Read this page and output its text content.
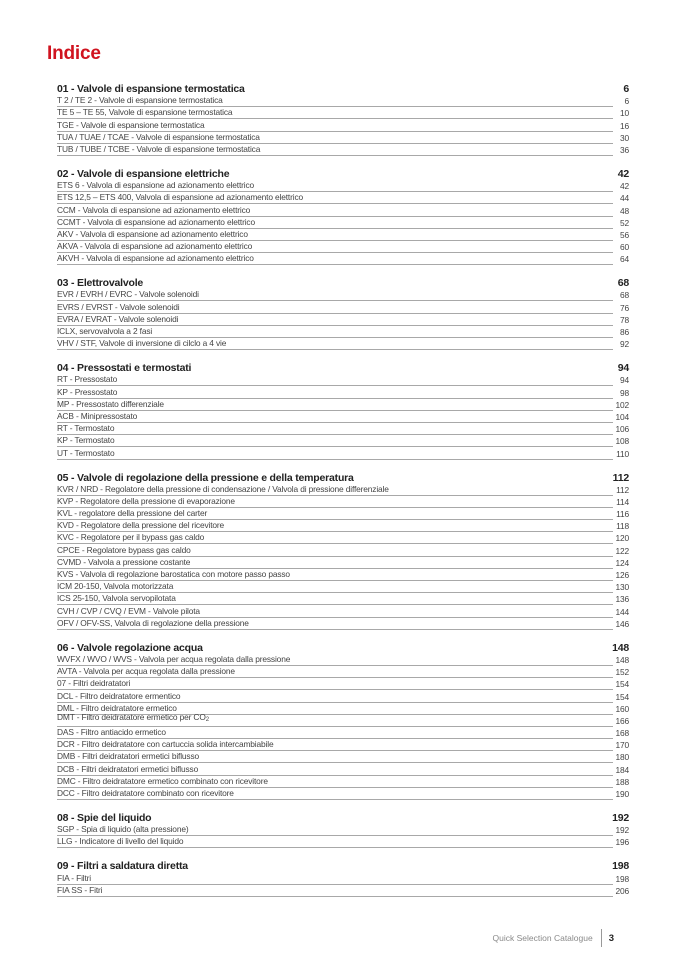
Indice
01 - Valvole di espansione termostatica	6
T 2 / TE 2 - Valvole di espansione termostatica	6
TE 5 – TE 55, Valvole di espansione termostatica	10
TGE - Valvole di espansione termostatica	16
TUA / TUAE / TCAE - Valvole di espansione termostatica	30
TUB / TUBE / TCBE - Valvole di espansione termostatica	36
02 - Valvole di espansione elettriche	42
ETS 6 - Valvola di espansione ad azionamento elettrico	42
ETS 12,5 – ETS 400, Valvola di espansione ad azionamento elettrico	44
CCM - Valvola di espansione ad azionamento elettrico	48
CCMT - Valvola di espansione ad azionamento elettrico	52
AKV - Valvola di espansione ad azionamento elettrico	56
AKVA - Valvola di espansione ad azionamento elettrico	60
AKVH - Valvola di espansione ad azionamento elettrico	64
03 - Elettrovalvole	68
EVR / EVRH / EVRC - Valvole solenoidi	68
EVRS / EVRST - Valvole solenoidi	76
EVRA / EVRAT - Valvole solenoidi	78
ICLX, servovalvola a 2 fasi	86
VHV / STF, Valvole di inversione di cilclo a 4 vie	92
04 - Pressostati e termostati	94
RT - Pressostato	94
KP - Pressostato	98
MP - Pressostato differenziale	102
ACB - Minipressostato	104
RT - Termostato	106
KP - Termostato	108
UT - Termostato	110
05 - Valvole di regolazione della pressione e della temperatura	112
KVR / NRD - Regolatore della pressione di condensazione / Valvola di pressione differenziale	112
KVP - Regolatore della pressione di evaporazione	114
KVL - regolatore della pressione del carter	116
KVD - Regolatore della pressione del ricevitore	118
KVC - Regolatore per il bypass gas caldo	120
CPCE - Regolatore bypass gas caldo	122
CVMD - Valvola a pressione costante	124
KVS - Valvola di regolazione barostatica con motore passo passo	126
ICM 20-150, Valvola motorizzata	130
ICS 25-150, Valvola servopilotata	136
CVH / CVP / CVQ / EVM - Valvole pilota	144
OFV / OFV-SS, Valvola di regolazione della pressione	146
06 - Valvole regolazione acqua	148
WVFX / WVO / WVS - Valvola per acqua regolata dalla pressione	148
AVTA - Valvola per acqua regolata dalla pressione	152
07 - Filtri deidratatori	154
DCL - Filtro deidratatore ermentico	154
DML - Filtro deidratatore ermetico	160
DMT - Filtro deidratatore ermetico per CO2	166
DAS - Filtro antiacido ermetico	168
DCR - Filtro deidratatore con cartuccia solida intercambiabile	170
DMB - Filtri deidratatori ermetici biflusso	180
DCB - Filtri deidratatori ermetici biflusso	184
DMC - Filtro deidratatore ermetico combinato con ricevitore	188
DCC - Filtro deidratatore combinato con ricevitore	190
08 - Spie del liquido	192
SGP - Spia di liquido (alta pressione)	192
LLG - Indicatore di livello del liquido	196
09 - Filtri a saldatura diretta	198
FIA - Filtri	198
FIA SS - Fitri	206
Quick Selection Catalogue 3
